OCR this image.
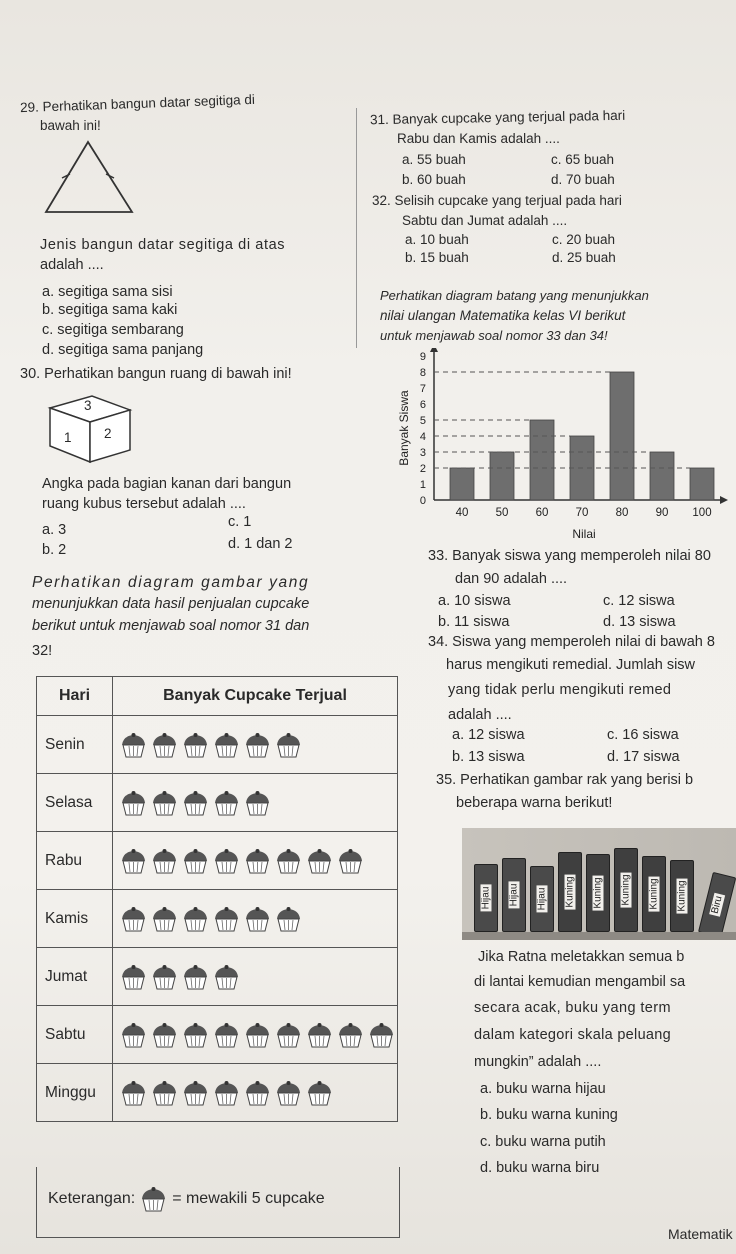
29. Perhatikan bangun datar segitiga di
bawah ini!
Jenis bangun datar segitiga di atas
adalah ....
a. segitiga sama sisi
b. segitiga sama kaki
c. segitiga sembarang
d. segitiga sama panjang
30. Perhatikan bangun ruang di bawah ini!
3
1 2
Angka pada bagian kanan dari bangun
ruang kubus tersebut adalah ....
a. 3
b. 2
c. 1
d. 1 dan 2
Perhatikan diagram gambar yang
menunjukkan data hasil penjualan cupcake
berikut untuk menjawab soal nomor 31 dan
32!
Hari	Banyak Cupcake Terjual
Senin	

Selasa	

Rabu	

Kamis	

Jumat	

Sabtu	

Minggu	
Keterangan: = mewakili 5 cupcake
31. Banyak cupcake yang terjual pada hari
Rabu dan Kamis adalah ....
a. 55 buah	c. 65 buah
b. 60 buah	d. 70 buah
32. Selisih cupcake yang terjual pada hari
Sabtu dan Jumat adalah ....
a. 10 buah	c. 20 buah
b. 15 buah	d. 25 buah
Perhatikan diagram batang yang menunjukkan
nilai ulangan Matematika kelas VI berikut
untuk menjawab soal nomor 33 dan 34!
0
1
2
3
4
5
6
7
8
9
40 50 60 70 80 90 100
Nilai
Banyak Siswa
33. Banyak siswa yang memperoleh nilai 80
dan 90 adalah ....
a. 10 siswa	c. 12 siswa
b. 11 siswa	d. 13 siswa
34. Siswa yang memperoleh nilai di bawah 8
harus mengikuti remedial. Jumlah sisw
yang tidak perlu mengikuti remed
adalah ....
a. 12 siswa	c. 16 siswa
b. 13 siswa	d. 17 siswa
35. Perhatikan gambar rak yang berisi b
beberapa warna berikut!
Hijau Hijau Hijau Kuning Kuning Kuning Kuning Kuning Biru
Jika Ratna meletakkan semua b
di lantai kemudian mengambil sa
secara acak, buku yang term
dalam kategori skala peluang
mungkin” adalah ....
a. buku warna hijau
b. buku warna kuning
c. buku warna putih
d. buku warna biru
Matematik
